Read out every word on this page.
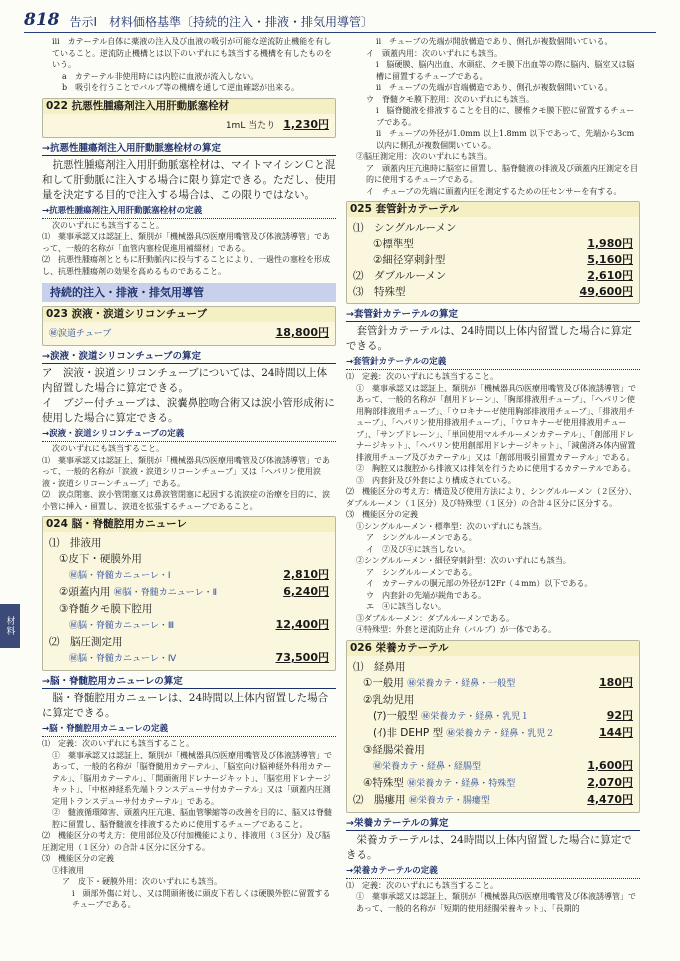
818 告示Ⅰ　材料価格基準〔持続的注入・排液・排気用導管〕
材料

ⅲ　カテーテル自体に薬液の注入及び血液の吸引が可能な逆流防止機能を有していること。逆流防止機構とは以下のいずれにも該当する機構を有したものをいう。

a　カテーテル非使用時には内腔に血液が流入しない。

b　吸引を行うことでバルブ等の機構を通して逆血確認が出来る。

022 抗悪性腫瘍剤注入用肝動脈塞栓材
1mL 当たり 1,230円
→抗悪性腫瘍剤注入用肝動脈塞栓材の算定

抗悪性腫瘍剤注入用肝動脈塞栓材は、マイトマイシンＣと混和して肝動脈に注入する場合に限り算定できる。ただし、使用量を決定する目的で注入する場合は、この限りではない。

→抗悪性腫瘍剤注入用肝動脈塞栓材の定義

次のいずれにも該当すること。

⑴　薬事承認又は認証上、類別が「機械器具⑸医療用嘴管及び体液誘導管」であって、一般的名称が「血管内塞栓促進用補綴材」である。

⑵　抗悪性腫瘍剤とともに肝動脈内に投与することにより、一過性の塞栓を形成し、抗悪性腫瘍剤の効果を高めるものであること。

持続的注入・排液・排気用導管
023 涙液・涙道シリコンチューブ
㊙涙道チューブ	18,800円
→涙液・涙道シリコンチューブの算定

ア　涙液・涙道シリコンチューブについては、24時間以上体内留置した場合に算定できる。

イ　ブジー付チューブは、涙嚢鼻腔吻合術又は涙小管形成術に使用した場合に算定できる。

→涙液・涙道シリコンチューブの定義

次のいずれにも該当すること。

⑴　薬事承認又は認証上、類別が「機械器具⑸医療用嘴管及び体液誘導管」であって、一般的名称が「涙液・涙道シリコーンチューブ」又は「ヘパリン使用涙液・涙道シリコーンチューブ」である。

⑵　涙点閉塞、涙小管閉塞又は鼻涙管閉塞に起因する流涙症の治療を目的に、涙小管に挿入・留置し、涙道を拡張するチューブであること。

024 脳・脊髄腔用カニューレ
⑴　排液用
①皮下・硬膜外用
㊙脳・脊髄カニューレ・Ⅰ	2,810円
②頭蓋内用 ㊙脳・脊髄カニューレ・Ⅱ	6,240円
③脊髄クモ膜下腔用
㊙脳・脊髄カニューレ・Ⅲ	12,400円
⑵　脳圧測定用
㊙脳・脊髄カニューレ・Ⅳ	73,500円
→脳・脊髄腔用カニューレの算定

脳・脊髄腔用カニューレは、24時間以上体内留置した場合に算定できる。

→脳・脊髄腔用カニューレの定義

⑴　定義：次のいずれにも該当すること。

①　薬事承認又は認証上、類別が「機械器具⑸医療用嘴管及び体液誘導管」であって、一般的名称が「脳脊髄用カテーテル」、「脳室向け脳神経外科用カテーテル」、「脳用カテーテル」、「開頭術用ドレナージキット」、「脳室用ドレナージキット」、「中枢神経系先端トランスデューサ付カテーテル」又は「頭蓋内圧測定用トランスデューサ付カテーテル」である。

②　髄液循環障害、頭蓋内圧亢進、脳血管攣縮等の改善を目的に、脳又は脊髄腔に留置し、脳脊髄液を排液するために使用するチューブであること。

⑵　機能区分の考え方：使用部位及び付加機能により、排液用（３区分）及び脳圧測定用（１区分）の合計４区分に区分する。

⑶　機能区分の定義

①排液用

ア　皮下・硬膜外用：次のいずれにも該当。

ⅰ　頭部外傷に対し、又は開頭術後に頭皮下若しくは硬膜外腔に留置するチューブである。

ⅱ　チューブの先端が開放構造であり、側孔が複数個開いている。

イ　頭蓋内用：次のいずれにも該当。

ⅰ　脳硬膜、脳内出血、水頭症、クモ膜下出血等の際に脳内、脳室又は脳槽に留置するチューブである。

ⅱ　チューブの先端が盲端構造であり、側孔が複数個開いている。

ウ　脊髄クモ膜下腔用：次のいずれにも該当。

ⅰ　脳脊髄液を排液することを目的に、腰椎クモ膜下腔に留置するチューブである。

ⅱ　チューブの外径が1.0mm 以上1.8mm 以下であって、先端から3cm 以内に側孔が複数個開いている。

②脳圧測定用：次のいずれにも該当。

ア　頭蓋内圧亢進時に脳室に留置し、脳脊髄液の排液及び頭蓋内圧測定を目的に使用するチューブである。

イ　チューブの先端に頭蓋内圧を測定するための圧センサーを有する。

025 套管針カテーテル
⑴　シングルルーメン
①標準型	1,980円
②細径穿刺針型	5,160円
⑵　ダブルルーメン	2,610円
⑶　特殊型	49,600円
→套管針カテーテルの算定

套管針カテーテルは、24時間以上体内留置した場合に算定できる。

→套管針カテーテルの定義

⑴　定義：次のいずれにも該当すること。

①　薬事承認又は認証上、類別が「機械器具⑸医療用嘴管及び体液誘導管」であって、一般的名称が「創用ドレーン」、「胸部排液用チューブ」、「ヘパリン使用胸部排液用チューブ」、「ウロキナーゼ使用胸部排液用チューブ」、「排液用チューブ」、「ヘパリン使用排液用チューブ」、「ウロキナーゼ使用排液用チューブ」、「サンプドレーン」、「単回使用マルチルーメンカテーテル」、「創部用ドレナージキット」、「ヘパリン使用創部用ドレナージキット」、「減菌済み体内留置排液用チューブ及びカテーテル」又は「創部用吸引留置カテーテル」である。

②　胸腔又は腹腔から排液又は排気を行うために使用するカテーテルである。

③　内套針及び外套により構成されている。

⑵　機能区分の考え方：構造及び使用方法により、シングルルーメン（２区分）、ダブルルーメン（１区分）及び特殊型（１区分）の合計４区分に区分する。

⑶　機能区分の定義

①シングルルーメン・標準型：次のいずれにも該当。

ア　シングルルーメンである。

イ　②及び④に該当しない。

②シングルルーメン・細径穿刺針型：次のいずれにも該当。

ア　シングルルーメンである。

イ　カテーテルの胴元部の外径が12Fr（４mm）以下である。

ウ　内套針の先端が鋭角である。

エ　④に該当しない。

③ダブルルーメン：ダブルルーメンである。

④特殊型：外套と逆流防止弁（バルブ）が一体である。

026 栄養カテーテル
⑴　経鼻用
①一般用 ㊙栄養カテ・経鼻・一般型	180円
②乳幼児用
(ｱ)一般型 ㊙栄養カテ・経鼻・乳児１	92円
(ｲ)非 DEHP 型 ㊙栄養カテ・経鼻・乳児２	144円
③経腸栄養用
㊙栄養カテ・経鼻・経腸型	1,600円
④特殊型 ㊙栄養カテ・経鼻・特殊型	2,070円
⑵　腸瘻用 ㊙栄養カテ・腸瘻型	4,470円
→栄養カテーテルの算定

栄養カテーテルは、24時間以上体内留置した場合に算定できる。

→栄養カテーテルの定義

⑴　定義：次のいずれにも該当すること。

①　薬事承認又は認証上、類別が「機械器具⑸医療用嘴管及び体液誘導管」であって、一般的名称が「短期的使用経腸栄養キット」、「長期的
